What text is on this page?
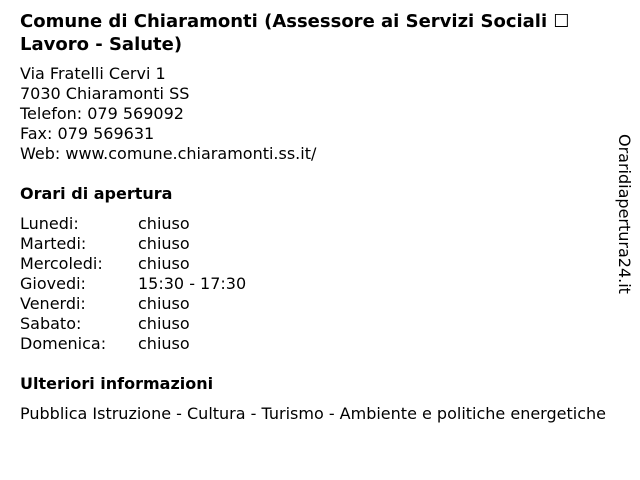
Comune di Chiaramonti (Assessore ai Servizi Sociali ☐ Lavoro - Salute)
Via Fratelli Cervi 1
7030 Chiaramonti SS
Telefon: 079 569092
Fax: 079 569631
Web: www.comune.chiaramonti.ss.it/
Orari di apertura
Lunedi:	chiuso
Martedi:	chiuso
Mercoledi: chiuso
Giovedi:	15:30 - 17:30
Venerdi:	chiuso
Sabato:	chiuso
Domenica: chiuso
Ulteriori informazioni
Pubblica Istruzione - Cultura - Turismo - Ambiente e politiche energetiche
Oraridiapertura24.it
